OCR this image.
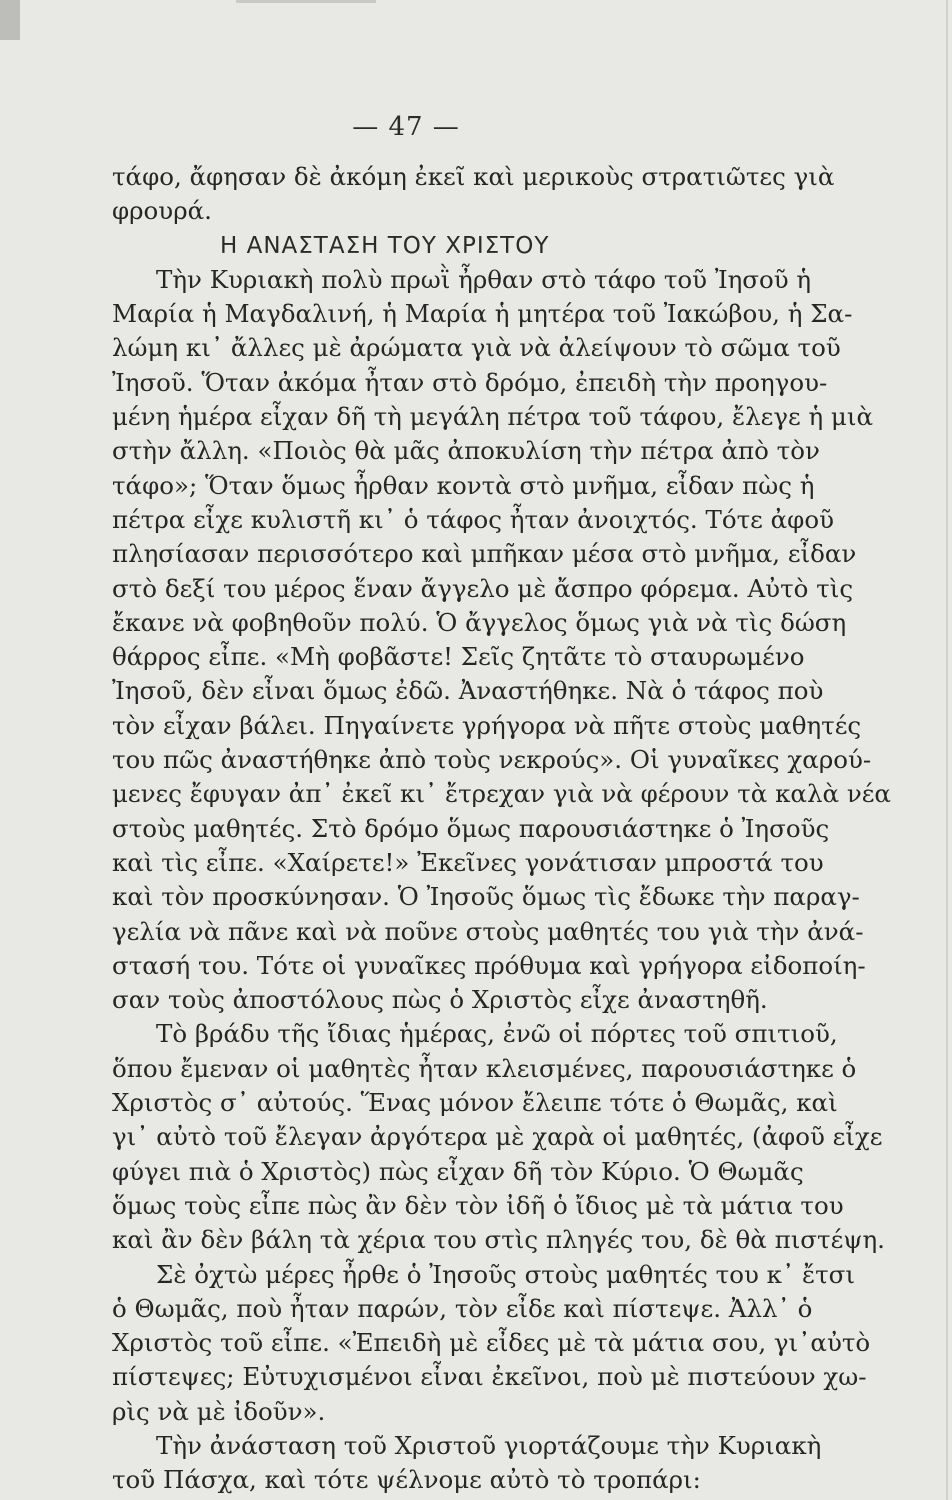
— 47 —
τάφο, ἄφησαν δὲ ἀκόμη ἐκεῖ καὶ μερικοὺς στρατιῶτες γιὰ
φρουρά.
Η ΑΝΑΣΤΑΣΗ ΤΟΥ ΧΡΙΣΤΟΥ
Τὴν Κυριακὴ πολὺ πρωῒ ἦρθαν στὸ τάφο τοῦ Ἰησοῦ ἡ
Μαρία ἡ Μαγδαλινή, ἡ Μαρία ἡ μητέρα τοῦ Ἰακώβου, ἡ Σα-
λώμη κι᾽ ἄλλες μὲ ἀρώματα γιὰ νὰ ἀλείψουν τὸ σῶμα τοῦ
Ἰησοῦ. Ὅταν ἀκόμα ἦταν στὸ δρόμο, ἐπειδὴ τὴν προηγου-
μένη ἡμέρα εἶχαν δῆ τὴ μεγάλη πέτρα τοῦ τάφου, ἔλεγε ἡ μιὰ
στὴν ἄλλη. «Ποιὸς θὰ μᾶς ἀποκυλίση τὴν πέτρα ἀπὸ τὸν
τάφο»; Ὅταν ὅμως ἦρθαν κοντὰ στὸ μνῆμα, εἶδαν πὼς ἡ
πέτρα εἶχε κυλιστῆ κι᾽ ὁ τάφος ἦταν ἀνοιχτός. Τότε ἀφοῦ
πλησίασαν περισσότερο καὶ μπῆκαν μέσα στὸ μνῆμα, εἶδαν
στὸ δεξί του μέρος ἕναν ἄγγελο μὲ ἄσπρο φόρεμα. Αὐτὸ τὶς
ἔκανε νὰ φοβηθοῦν πολύ. Ὁ ἄγγελος ὅμως γιὰ νὰ τὶς δώση
θάρρος εἶπε. «Μὴ φοβᾶστε! Σεῖς ζητᾶτε τὸ σταυρωμένο
Ἰησοῦ, δὲν εἶναι ὅμως ἐδῶ. Ἀναστήθηκε. Νὰ ὁ τάφος ποὺ
τὸν εἶχαν βάλει. Πηγαίνετε γρήγορα νὰ πῆτε στοὺς μαθητές
του πῶς ἀναστήθηκε ἀπὸ τοὺς νεκρούς». Οἱ γυναῖκες χαρού-
μενες ἔφυγαν ἀπ᾽ ἐκεῖ κι᾽ ἔτρεχαν γιὰ νὰ φέρουν τὰ καλὰ νέα
στοὺς μαθητές. Στὸ δρόμο ὅμως παρουσιάστηκε ὁ Ἰησοῦς
καὶ τὶς εἶπε. «Χαίρετε!» Ἐκεῖνες γονάτισαν μπροστά του
καὶ τὸν προσκύνησαν. Ὁ Ἰησοῦς ὅμως τὶς ἔδωκε τὴν παραγ-
γελία νὰ πᾶνε καὶ νὰ ποῦνε στοὺς μαθητές του γιὰ τὴν ἀνά-
στασή του. Τότε οἱ γυναῖκες πρόθυμα καὶ γρήγορα εἰδοποίη-
σαν τοὺς ἀποστόλους πὼς ὁ Χριστὸς εἶχε ἀναστηθῆ.
Τὸ βράδυ τῆς ἴδιας ἡμέρας, ἐνῶ οἱ πόρτες τοῦ σπιτιοῦ,
ὅπου ἔμεναν οἱ μαθητὲς ἦταν κλεισμένες, παρουσιάστηκε ὁ
Χριστὸς σ᾽ αὐτούς. Ἕνας μόνον ἔλειπε τότε ὁ Θωμᾶς, καὶ
γι᾽ αὐτὸ τοῦ ἔλεγαν ἀργότερα μὲ χαρὰ οἱ μαθητές, (ἀφοῦ εἶχε
φύγει πιὰ ὁ Χριστὸς) πὼς εἶχαν δῆ τὸν Κύριο. Ὁ Θωμᾶς
ὅμως τοὺς εἶπε πὼς ἂν δὲν τὸν ἰδῆ ὁ ἴδιος μὲ τὰ μάτια του
καὶ ἂν δὲν βάλη τὰ χέρια του στὶς πληγές του, δὲ θὰ πιστέψη.
Σὲ ὀχτὼ μέρες ἦρθε ὁ Ἰησοῦς στοὺς μαθητές του κ᾽ ἔτσι
ὁ Θωμᾶς, ποὺ ἦταν παρών, τὸν εἶδε καὶ πίστεψε. Ἀλλ᾽ ὁ
Χριστὸς τοῦ εἶπε. «Ἐπειδὴ μὲ εἶδες μὲ τὰ μάτια σου, γι᾽αὐτὸ
πίστεψες; Εὐτυχισμένοι εἶναι ἐκεῖνοι, ποὺ μὲ πιστεύουν χω-
ρὶς νὰ μὲ ἰδοῦν».
Τὴν ἀνάσταση τοῦ Χριστοῦ γιορτάζουμε τὴν Κυριακὴ
τοῦ Πάσχα, καὶ τότε ψέλνομε αὐτὸ τὸ τροπάρι:
